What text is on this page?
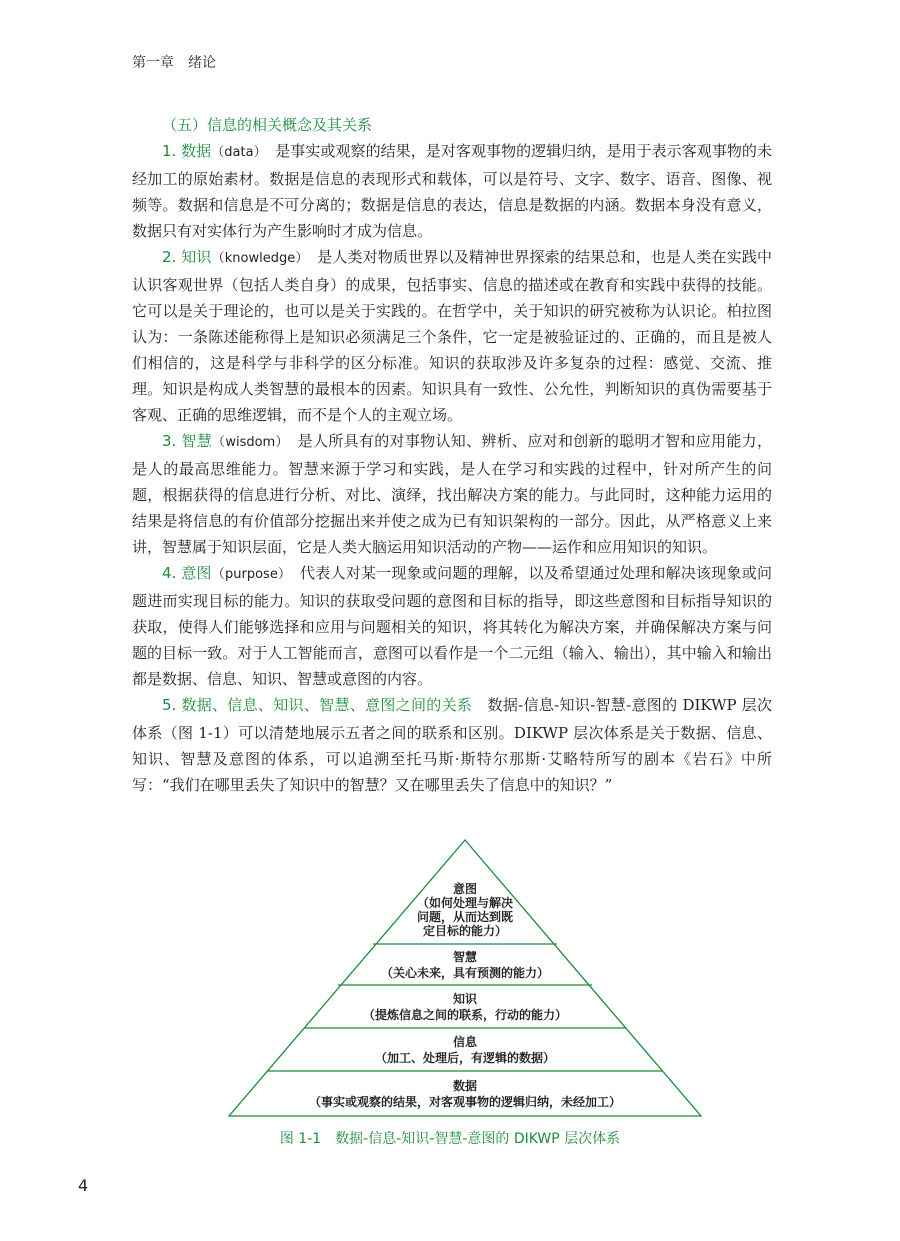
第一章　绪论

（五）信息的相关概念及其关系

1. 数据（data）　是事实或观察的结果，是对客观事物的逻辑归纳，是用于表示客观事物的未经加工的原始素材。数据是信息的表现形式和载体，可以是符号、文字、数字、语音、图像、视频等。数据和信息是不可分离的；数据是信息的表达，信息是数据的内涵。数据本身没有意义，数据只有对实体行为产生影响时才成为信息。

2. 知识（knowledge）　是人类对物质世界以及精神世界探索的结果总和，也是人类在实践中认识客观世界（包括人类自身）的成果，包括事实、信息的描述或在教育和实践中获得的技能。它可以是关于理论的，也可以是关于实践的。在哲学中，关于知识的研究被称为认识论。柏拉图认为：一条陈述能称得上是知识必须满足三个条件，它一定是被验证过的、正确的，而且是被人们相信的，这是科学与非科学的区分标准。知识的获取涉及许多复杂的过程：感觉、交流、推理。知识是构成人类智慧的最根本的因素。知识具有一致性、公允性，判断知识的真伪需要基于客观、正确的思维逻辑，而不是个人的主观立场。

3. 智慧（wisdom）　是人所具有的对事物认知、辨析、应对和创新的聪明才智和应用能力，是人的最高思维能力。智慧来源于学习和实践，是人在学习和实践的过程中，针对所产生的问题，根据获得的信息进行分析、对比、演绎，找出解决方案的能力。与此同时，这种能力运用的结果是将信息的有价值部分挖掘出来并使之成为已有知识架构的一部分。因此，从严格意义上来讲，智慧属于知识层面，它是人类大脑运用知识活动的产物——运作和应用知识的知识。

4. 意图（purpose）　代表人对某一现象或问题的理解，以及希望通过处理和解决该现象或问题进而实现目标的能力。知识的获取受问题的意图和目标的指导，即这些意图和目标指导知识的获取，使得人们能够选择和应用与问题相关的知识，将其转化为解决方案，并确保解决方案与问题的目标一致。对于人工智能而言，意图可以看作是一个二元组（输入、输出），其中输入和输出都是数据、信息、知识、智慧或意图的内容。

5. 数据、信息、知识、智慧、意图之间的关系　数据-信息-知识-智慧-意图的 DIKWP 层次体系（图 1-1）可以清楚地展示五者之间的联系和区别。DIKWP 层次体系是关于数据、信息、知识、智慧及意图的体系，可以追溯至托马斯·斯特尔那斯·艾略特所写的剧本《岩石》中所写：“我们在哪里丢失了知识中的智慧？又在哪里丢失了信息中的知识？”

意图
（如何处理与解决
问题，从而达到既
定目标的能力）
智慧
（关心未来，具有预测的能力）
知识
（提炼信息之间的联系，行动的能力）
信息
（加工、处理后，有逻辑的数据）
数据
（事实或观察的结果，对客观事物的逻辑归纳，未经加工）
图 1-1　数据-信息-知识-智慧-意图的 DIKWP 层次体系
4
